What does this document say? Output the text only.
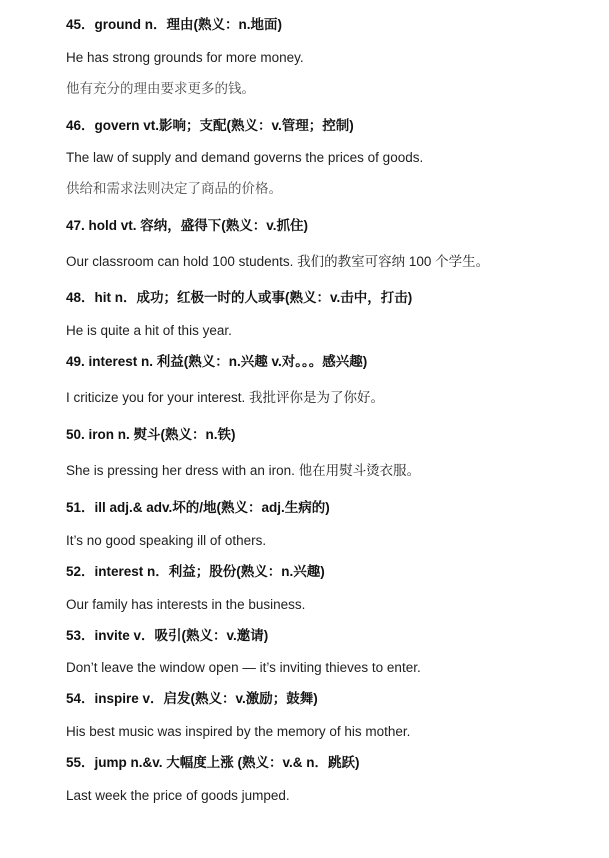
45．ground n．理由(熟义：n.地面)
He has strong grounds for more money.
他有充分的理由要求更多的钱。
46．govern vt.影响；支配(熟义：v.管理；控制)
The law of supply and demand governs the prices of goods.
供给和需求法则决定了商品的价格。
47. hold vt. 容纳，盛得下(熟义：v.抓住)
Our classroom can hold 100 students. 我们的教室可容纳 100 个学生。
48．hit n．成功；红极一时的人或事(熟义：v.击中，打击)
He is quite a hit of this year.
49. interest n. 利益(熟义：n.兴趣 v.对。。。感兴趣)
I criticize you for your interest. 我批评你是为了你好。
50. iron n. 熨斗(熟义：n.铁)
She is pressing her dress with an iron. 他在用熨斗烫衣服。
51．ill adj.& adv.坏的/地(熟义：adj.生病的)
It’s no good speaking ill of others.
52．interest n．利益；股份(熟义：n.兴趣)
Our family has interests in the business.
53．invite v．吸引(熟义：v.邀请)
Don’t leave the window open — it’s inviting thieves to enter.
54．inspire v．启发(熟义：v.激励；鼓舞)
His best music was inspired by the memory of his mother.
55．jump n.&v. 大幅度上涨 (熟义：v.& n．跳跃)
Last week the price of goods jumped.
